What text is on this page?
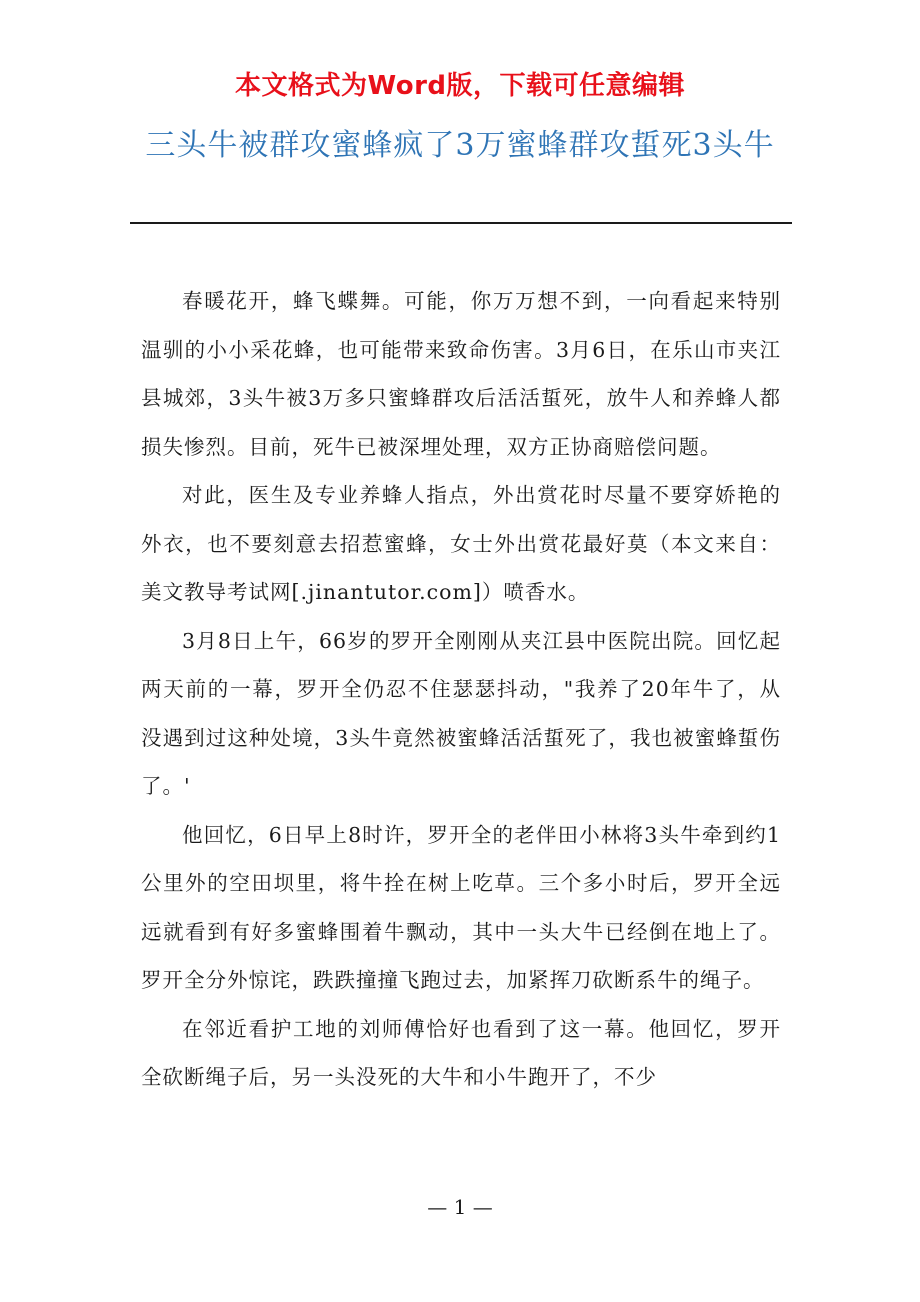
本文格式为Word版，下载可任意编辑
三头牛被群攻蜜蜂疯了3万蜜蜂群攻蜇死3头牛

春暖花开，蜂飞蝶舞。可能，你万万想不到，一向看起来特别温驯的小小采花蜂，也可能带来致命伤害。3月6日，在乐山市夹江县城郊，3头牛被3万多只蜜蜂群攻后活活蜇死，放牛人和养蜂人都损失惨烈。目前，死牛已被深埋处理，双方正协商赔偿问题。

对此，医生及专业养蜂人指点，外出赏花时尽量不要穿娇艳的外衣，也不要刻意去招惹蜜蜂，女士外出赏花最好莫（本文来自：美文教导考试网[.jinantutor.com]）喷香水。

3月8日上午，66岁的罗开全刚刚从夹江县中医院出院。回忆起两天前的一幕，罗开全仍忍不住瑟瑟抖动，"我养了20年牛了，从没遇到过这种处境，3头牛竟然被蜜蜂活活蜇死了，我也被蜜蜂蜇伤了。'

他回忆，6日早上8时许，罗开全的老伴田小林将3头牛牵到约1公里外的空田坝里，将牛拴在树上吃草。三个多小时后，罗开全远远就看到有好多蜜蜂围着牛飘动，其中一头大牛已经倒在地上了。罗开全分外惊诧，跌跌撞撞飞跑过去，加紧挥刀砍断系牛的绳子。

在邻近看护工地的刘师傅恰好也看到了这一幕。他回忆，罗开全砍断绳子后，另一头没死的大牛和小牛跑开了，不少

— 1 —
